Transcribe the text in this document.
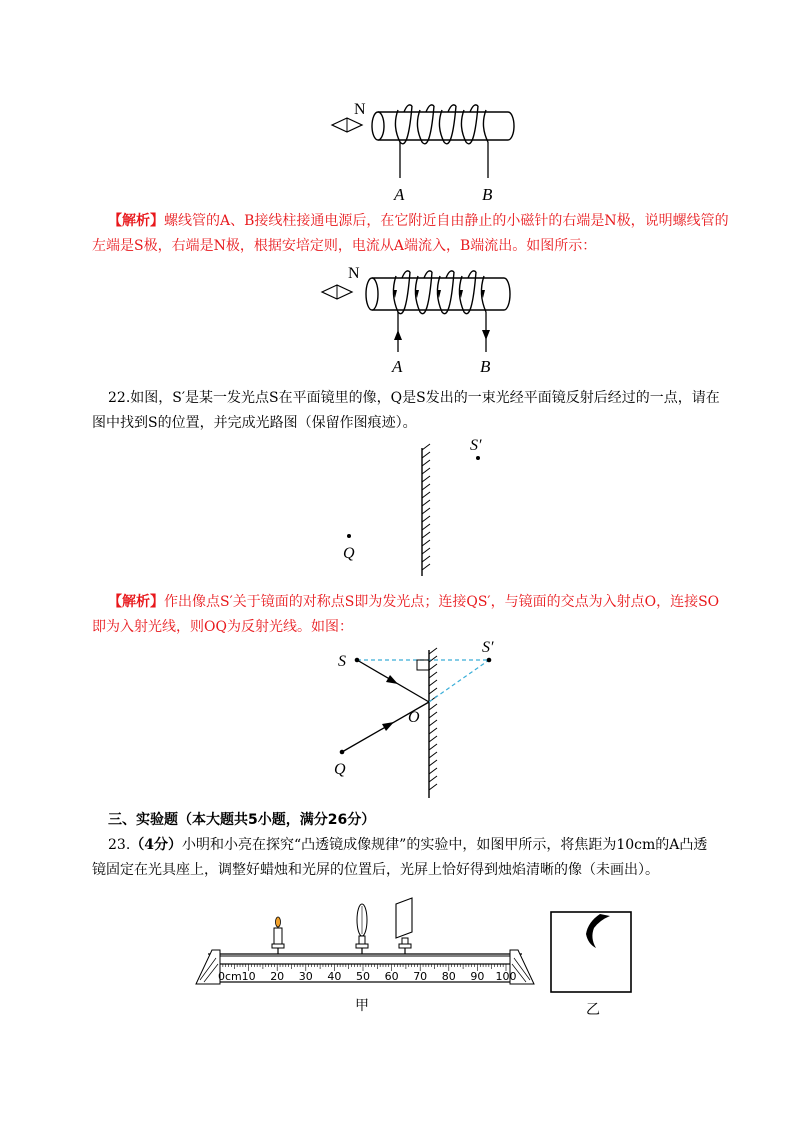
N
A	B
【解析】螺线管的A、B接线柱接通电源后，在它附近自由静止的小磁针的右端是N极，说明螺线管的
左端是S极，右端是N极，根据安培定则，电流从A端流入，B端流出。如图所示：
N
A	B
22.如图，S′是某一发光点S在平面镜里的像，Q是S发出的一束光经平面镜反射后经过的一点，请在
图中找到S的位置，并完成光路图（保留作图痕迹）。
S′
Q
【解析】作出像点S′关于镜面的对称点S即为发光点；连接QS′，与镜面的交点为入射点O，连接SO
即为入射光线，则OQ为反射光线。如图：
S
S′
O
Q
三、实验题（本大题共5小题，满分26分）
23.（4分）小明和小亮在探究“凸透镜成像规律”的实验中，如图甲所示，将焦距为10cm的A凸透
镜固定在光具座上，调整好蜡烛和光屏的位置后，光屏上恰好得到烛焰清晰的像（未画出）。
0cm 10 20 30 40 50 60 70 80 90 100
甲	乙
